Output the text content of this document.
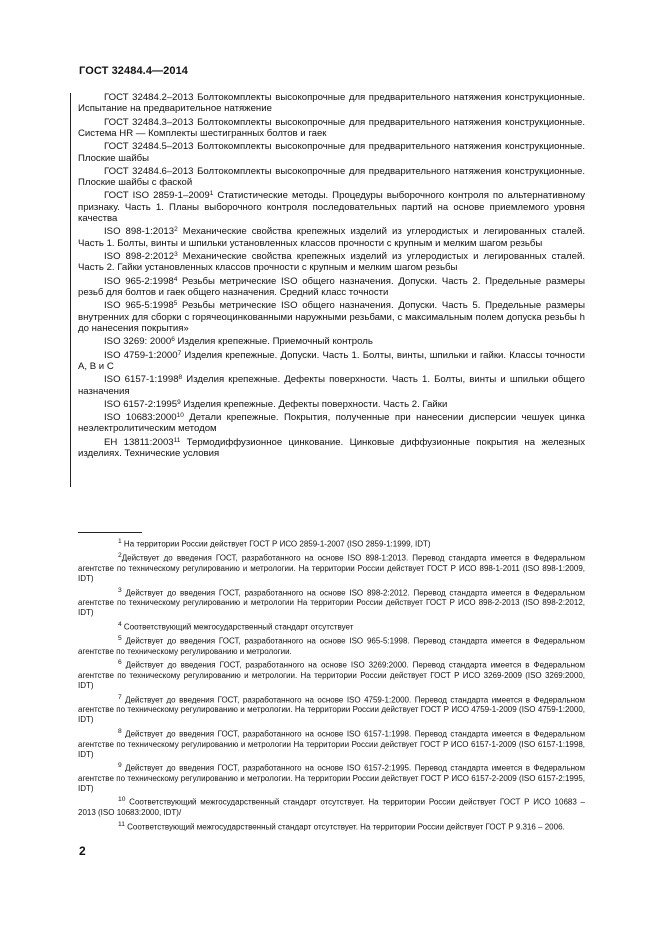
ГОСТ 32484.4—2014

ГОСТ 32484.2–2013 Болтокомплекты высокопрочные для предварительного натяжения конструкционные. Испытание на предварительное натяжение

ГОСТ 32484.3–2013 Болтокомплекты высокопрочные для предварительного натяжения конструкционные. Система HR — Комплекты шестигранных болтов и гаек

ГОСТ 32484.5–2013 Болтокомплекты высокопрочные для предварительного натяжения конструкционные. Плоские шайбы

ГОСТ 32484.6–2013 Болтокомплекты высокопрочные для предварительного натяжения конструкционные. Плоские шайбы с фаской

ГОСТ ISO 2859-1–2009$^1$ Статистические методы. Процедуры выборочного контроля по альтернативному признаку. Часть 1. Планы выборочного контроля последовательных партий на основе приемлемого уровня качества

ISO 898-1:2013$^2$ Механические свойства крепежных изделий из углеродистых и легированных сталей. Часть 1. Болты, винты и шпильки установленных классов прочности с крупным и мелким шагом резьбы

ISO 898-2:2012$^3$ Механические свойства крепежных изделий из углеродистых и легированных сталей. Часть 2. Гайки установленных классов прочности с крупным и мелким шагом резьбы

ISO 965-2:1998$^4$ Резьбы метрические ISO общего назначения. Допуски. Часть 2. Предельные размеры резьб для болтов и гаек общего назначения. Средний класс точности

ISO 965-5:1998$^5$ Резьбы метрические ISO общего назначения. Допуски. Часть 5. Предельные размеры внутренних для сборки с горячеоцинкованными наружными резьбами, с максимальным полем допуска резьбы h до нанесения покрытия»

ISO 3269: 2000$^6$ Изделия крепежные. Приемочный контроль

ISO 4759-1:2000$^7$ Изделия крепежные. Допуски. Часть 1. Болты, винты, шпильки и гайки. Классы точности A, B и C

ISO 6157-1:1998$^8$ Изделия крепежные. Дефекты поверхности. Часть 1. Болты, винты и шпильки общего назначения

ISO 6157-2:1995$^9$ Изделия крепежные. Дефекты поверхности. Часть 2. Гайки

ISO 10683:2000$^{10}$ Детали крепежные. Покрытия, полученные при нанесении дисперсии чешуек цинка неэлектролитическим методом

EH 13811:2003$^{11}$ Термодиффузионное цинкование. Цинковые диффузионные покрытия на железных изделиях. Технические условия

$^1$ На территории России действует ГОСТ Р ИСО 2859-1-2007 (ISO 2859-1:1999, IDT)

$^2$Действует до введения ГОСТ, разработанного на основе ISO 898-1:2013. Перевод стандарта имеется в Федеральном агентстве по техническому регулированию и метрологии. На территории России действует ГОСТ Р ИСО 898-1-2011 (ISO 898-1:2009, IDT)

$^3$ Действует до введения ГОСТ, разработанного на основе ISO 898-2:2012. Перевод стандарта имеется в Федеральном агентстве по техническому регулированию и метрологии На территории России действует ГОСТ Р ИСО 898-2-2013 (ISO 898-2:2012, IDT)

$^4$ Соответствующий межгосударственный стандарт отсутствует

$^5$ Действует до введения ГОСТ, разработанного на основе ISO 965-5:1998. Перевод стандарта имеется в Федеральном агентстве по техническому регулированию и метрологии.

$^6$ Действует до введения ГОСТ, разработанного на основе ISO 3269:2000. Перевод стандарта имеется в Федеральном агентстве по техническому регулированию и метрологии. На территории России действует ГОСТ Р ИСО 3269-2009 (ISO 3269:2000, IDT)

$^7$ Действует до введения ГОСТ, разработанного на основе ISO 4759-1:2000. Перевод стандарта имеется в Федеральном агентстве по техническому регулированию и метрологии. На территории России действует ГОСТ Р ИСО 4759-1-2009 (ISO 4759-1:2000, IDT)

$^8$ Действует до введения ГОСТ, разработанного на основе ISO 6157-1:1998. Перевод стандарта имеется в Федеральном агентстве по техническому регулированию и метрологии На территории России действует ГОСТ Р ИСО 6157-1-2009 (ISO 6157-1:1998, IDT)

$^9$ Действует до введения ГОСТ, разработанного на основе ISO 6157-2:1995. Перевод стандарта имеется в Федеральном агентстве по техническому регулированию и метрологии. На территории России действует ГОСТ Р ИСО 6157-2-2009 (ISO 6157-2:1995, IDT)

$^{10}$ Соответствующий межгосударственный стандарт отсутствует. На территории России действует ГОСТ Р ИСО 10683 – 2013 (ISO 10683:2000, IDT)/

$^{11}$ Соответствующий межгосударственный стандарт отсутствует. На территории России действует ГОСТ Р 9.316 – 2006.

2
